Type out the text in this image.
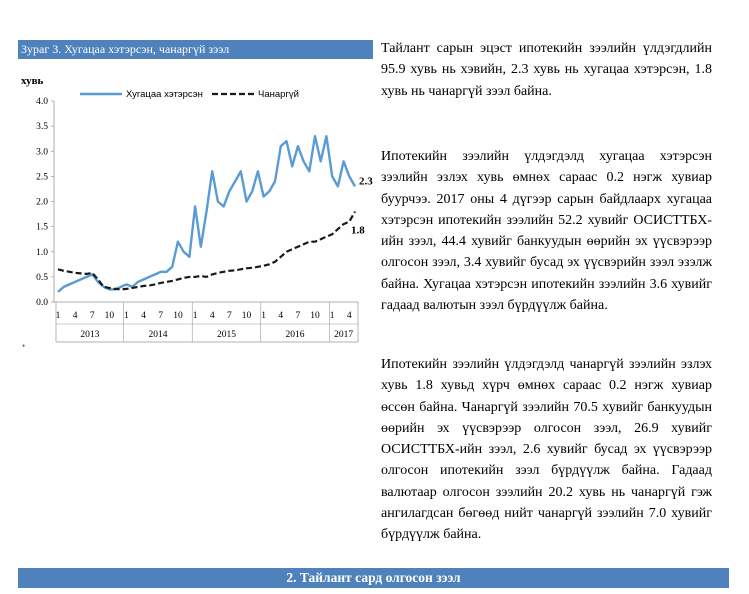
Зураг 3. Хугацаа хэтэрсэн, чанаргүй зээл
хувь
0.0
0.5
1.0
1.5
2.0
2.5
3.0
3.5
4.0
1 4 7 10 1 4 7 10 1 4 7 10 1 4 7 10 1 4
2013	2014	2015	2016	2017
2.3
1.8
Хугацаа хэтэрсэн	Чанаргүй
•
Тайлант сарын эцэст ипотекийн зээлийн үлдэгдлийн 95.9 хувь нь хэвийн, 2.3 хувь нь хугацаа хэтэрсэн, 1.8 хувь нь чанаргүй зээл байна.
Ипотекийн зээлийн үлдэгдэлд хугацаа хэтэрсэн зээлийн эзлэх хувь өмнөх сараас 0.2 нэгж хувиар буурчээ. 2017 оны 4 дүгээр сарын байдлаарх хугацаа хэтэрсэн ипотекийн зээлийн 52.2 хувийг ОСИСТТБХ-ийн зээл, 44.4 хувийг банкуудын өөрийн эх үүсвэрээр олгосон зээл, 3.4 хувийг бусад эх үүсвэрийн зээл эзэлж байна. Хугацаа хэтэрсэн ипотекийн зээлийн 3.6 хувийг гадаад валютын зээл бүрдүүлж байна.
Ипотекийн зээлийн үлдэгдэлд чанаргүй зээлийн эзлэх хувь 1.8 хувьд хүрч өмнөх сараас 0.2 нэгж хувиар өссөн байна. Чанаргүй зээлийн 70.5 хувийг банкуудын өөрийн эх үүсвэрээр олгосон зээл, 26.9 хувийг ОСИСТТБХ-ийн зээл, 2.6 хувийг бусад эх үүсвэрээр олгосон ипотекийн зээл бүрдүүлж байна. Гадаад валютаар олгосон зээлийн 20.2 хувь нь чанаргүй гэж ангилагдсан бөгөөд нийт чанаргүй зээлийн 7.0 хувийг бүрдүүлж байна.
2. Тайлант сард олгосон зээл
